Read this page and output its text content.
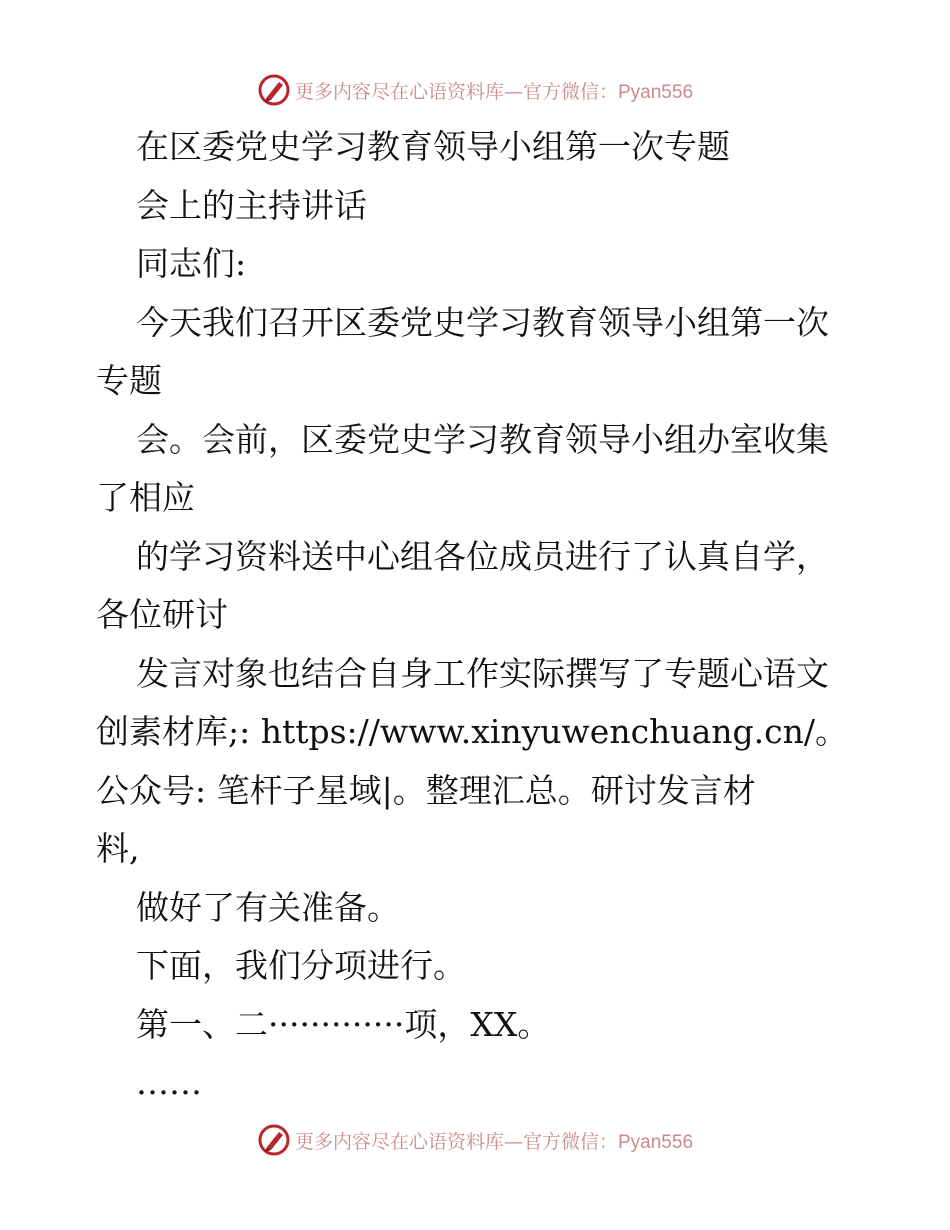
更多内容尽在心语资料库—官方微信：Pyan556
在区委党史学习教育领导小组第一次专题
会上的主持讲话
同志们:
今天我们召开区委党史学习教育领导小组第一次
专题
会。会前，区委党史学习教育领导小组办室收集
了相应
的学习资料送中心组各位成员进行了认真自学，
各位研讨
发言对象也结合自身工作实际撰写了专题心语文
创素材库;: https://www.xinyuwenchuang.cn/。
公众号: 笔杆子星域|。整理汇总。研讨发言材
料,
做好了有关准备。
下面，我们分项进行。
第一、二·············项，XX。
……
更多内容尽在心语资料库—官方微信：Pyan556
